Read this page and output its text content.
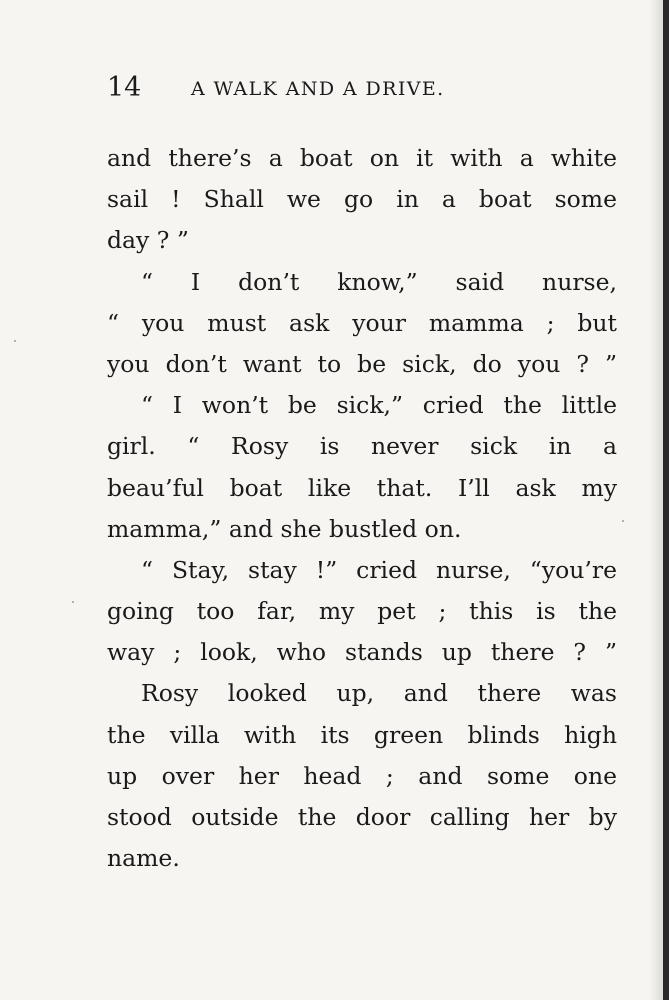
14	A WALK AND A DRIVE.
and there’s a boat on it with a white
sail ! Shall we go in a boat some
day ? ”
“ I don’t know,” said nurse,
“ you must ask your mamma ; but
you don’t want to be sick, do you ? ”
“ I won’t be sick,” cried the little
girl. “ Rosy is never sick in a
beau’ful boat like that. I’ll ask my
mamma,” and she bustled on.
“ Stay, stay !” cried nurse, “you’re
going too far, my pet ; this is the
way ; look, who stands up there ? ”
Rosy looked up, and there was
the villa with its green blinds high
up over her head ; and some one
stood outside the door calling her by
name.
